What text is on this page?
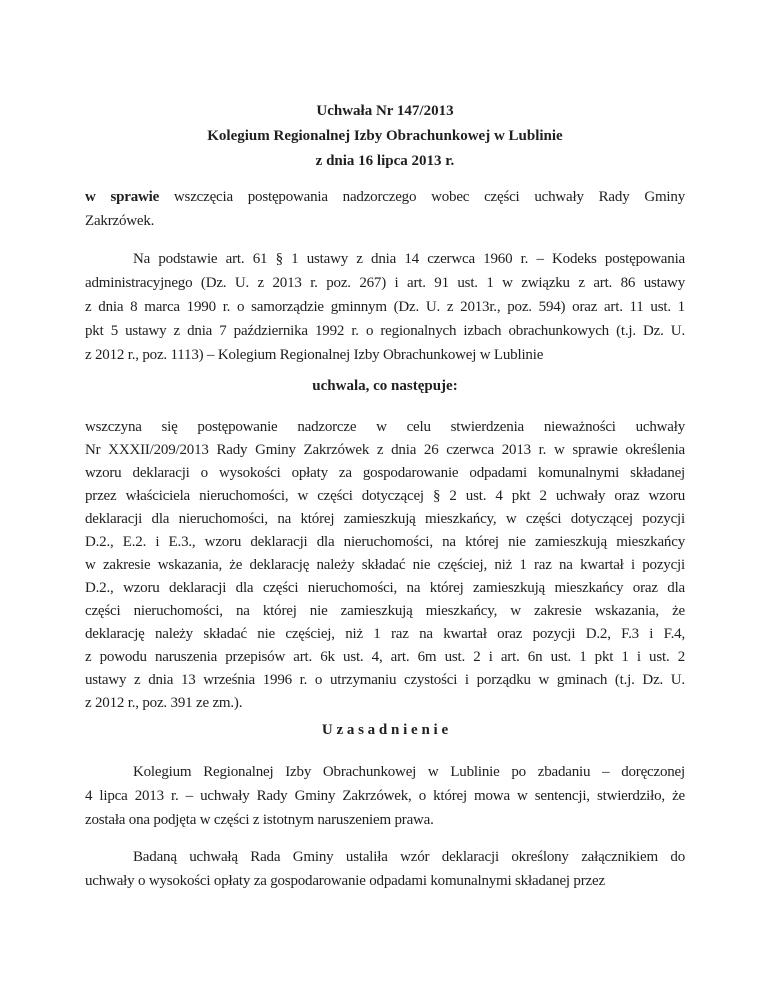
Uchwała Nr 147/2013
Kolegium Regionalnej Izby Obrachunkowej w Lublinie
z dnia 16 lipca 2013 r.
w sprawie wszczęcia postępowania nadzorczego wobec części uchwały Rady Gminy
Zakrzówek.
Na podstawie art. 61 § 1 ustawy z dnia 14 czerwca 1960 r. – Kodeks postępowania
administracyjnego (Dz. U. z 2013 r. poz. 267) i art. 91 ust. 1 w związku z art. 86 ustawy
z dnia 8 marca 1990 r. o samorządzie gminnym (Dz. U. z 2013r., poz. 594) oraz art. 11 ust. 1
pkt 5 ustawy z dnia 7 października 1992 r. o regionalnych izbach obrachunkowych (t.j. Dz. U.
z 2012 r., poz. 1113) – Kolegium Regionalnej Izby Obrachunkowej w Lublinie
uchwala, co następuje:
wszczyna się postępowanie nadzorcze w celu stwierdzenia nieważności uchwały
Nr XXXII/209/2013 Rady Gminy Zakrzówek z dnia 26 czerwca 2013 r. w sprawie określenia
wzoru deklaracji o wysokości opłaty za gospodarowanie odpadami komunalnymi składanej
przez właściciela nieruchomości, w części dotyczącej § 2 ust. 4 pkt 2 uchwały oraz wzoru
deklaracji dla nieruchomości, na której zamieszkują mieszkańcy, w części dotyczącej pozycji
D.2., E.2. i E.3., wzoru deklaracji dla nieruchomości, na której nie zamieszkują mieszkańcy
w zakresie wskazania, że deklarację należy składać nie częściej, niż 1 raz na kwartał i pozycji
D.2., wzoru deklaracji dla części nieruchomości, na której zamieszkują mieszkańcy oraz dla
części nieruchomości, na której nie zamieszkują mieszkańcy, w zakresie wskazania, że
deklarację należy składać nie częściej, niż 1 raz na kwartał oraz pozycji D.2, F.3 i F.4,
z powodu naruszenia przepisów art. 6k ust. 4, art. 6m ust. 2 i art. 6n ust. 1 pkt 1 i ust. 2
ustawy z dnia 13 września 1996 r. o utrzymaniu czystości i porządku w gminach (t.j. Dz. U.
z 2012 r., poz. 391 ze zm.).
U z a s a d n i e n i e
Kolegium Regionalnej Izby Obrachunkowej w Lublinie po zbadaniu – doręczonej
4 lipca 2013 r. – uchwały Rady Gminy Zakrzówek, o której mowa w sentencji, stwierdziło, że
została ona podjęta w części z istotnym naruszeniem prawa.
Badaną uchwałą Rada Gminy ustaliła wzór deklaracji określony załącznikiem do
uchwały o wysokości opłaty za gospodarowanie odpadami komunalnymi składanej przez
